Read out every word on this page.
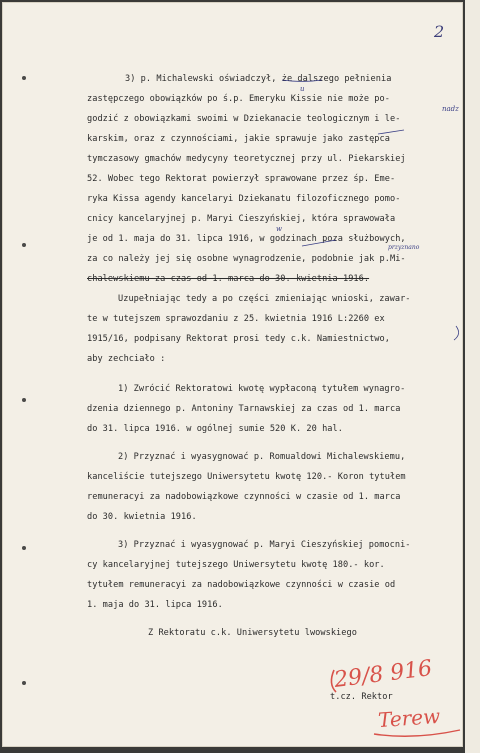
2
3) p. Michalewski oświadczył, że dalszego pełnienia
zastępczego obowiązków po ś.p. Emeryku Kissie nie może po-
godzić z obowiązkami swoimi w Dziekanacie teologicznym i le-
karskim, oraz z czynnościami, jakie sprawuje jako zastępca
tymczasowy gmachów medycyny teoretycznej przy ul. Piekarskiej
52. Wobec tego Rektorat powierzył sprawowane przez śp. Eme-
ryka Kissa agendy kancelaryi Dziekanatu filozoficznego pomo-
cnicy kancelaryjnej p. Maryi Cieszyńskiej, która sprawowała
je od 1. maja do 31. lipca 1916, w godzinach poza służbowych,
za co należy jej się osobne wynagrodzenie, podobnie jak p.Mi-
chalewskiemu za czas od 1. marca do 30. kwietnia 1916.
Uzupełniając tedy a po części zmieniając wnioski, zawar-
te w tutejszem sprawozdaniu z 25. kwietnia 1916 L:2260 ex
1915/16, podpisany Rektorat prosi tedy c.k. Namiestnictwo,
aby zechciało :
1) Zwrócić Rektoratowi kwotę wypłaconą tytułem wynagro-
dzenia dziennego p. Antoniny Tarnawskiej za czas od 1. marca
do 31. lipca 1916. w ogólnej sumie 520 K. 20 hal.
2) Przyznać i wyasygnować p. Romualdowi Michalewskiemu,
kanceliście tutejszego Uniwersytetu kwotę 120.- Koron tytułem
remuneracyi za nadobowiązkowe czynności w czasie od 1. marca
do 30. kwietnia 1916.
3) Przyznać i wyasygnować p. Maryi Cieszyńskiej pomocni-
cy kancelaryjnej tutejszego Uniwersytetu kwotę 180.- kor.
tytułem remuneracyi za nadobowiązkowe czynności w czasie od
1. maja do 31. lipca 1916.
Z Rektoratu c.k. Uniwersytetu lwowskiego
t.cz. Rektor
u
nadz
w
przyznano
29/8 916
Terew
